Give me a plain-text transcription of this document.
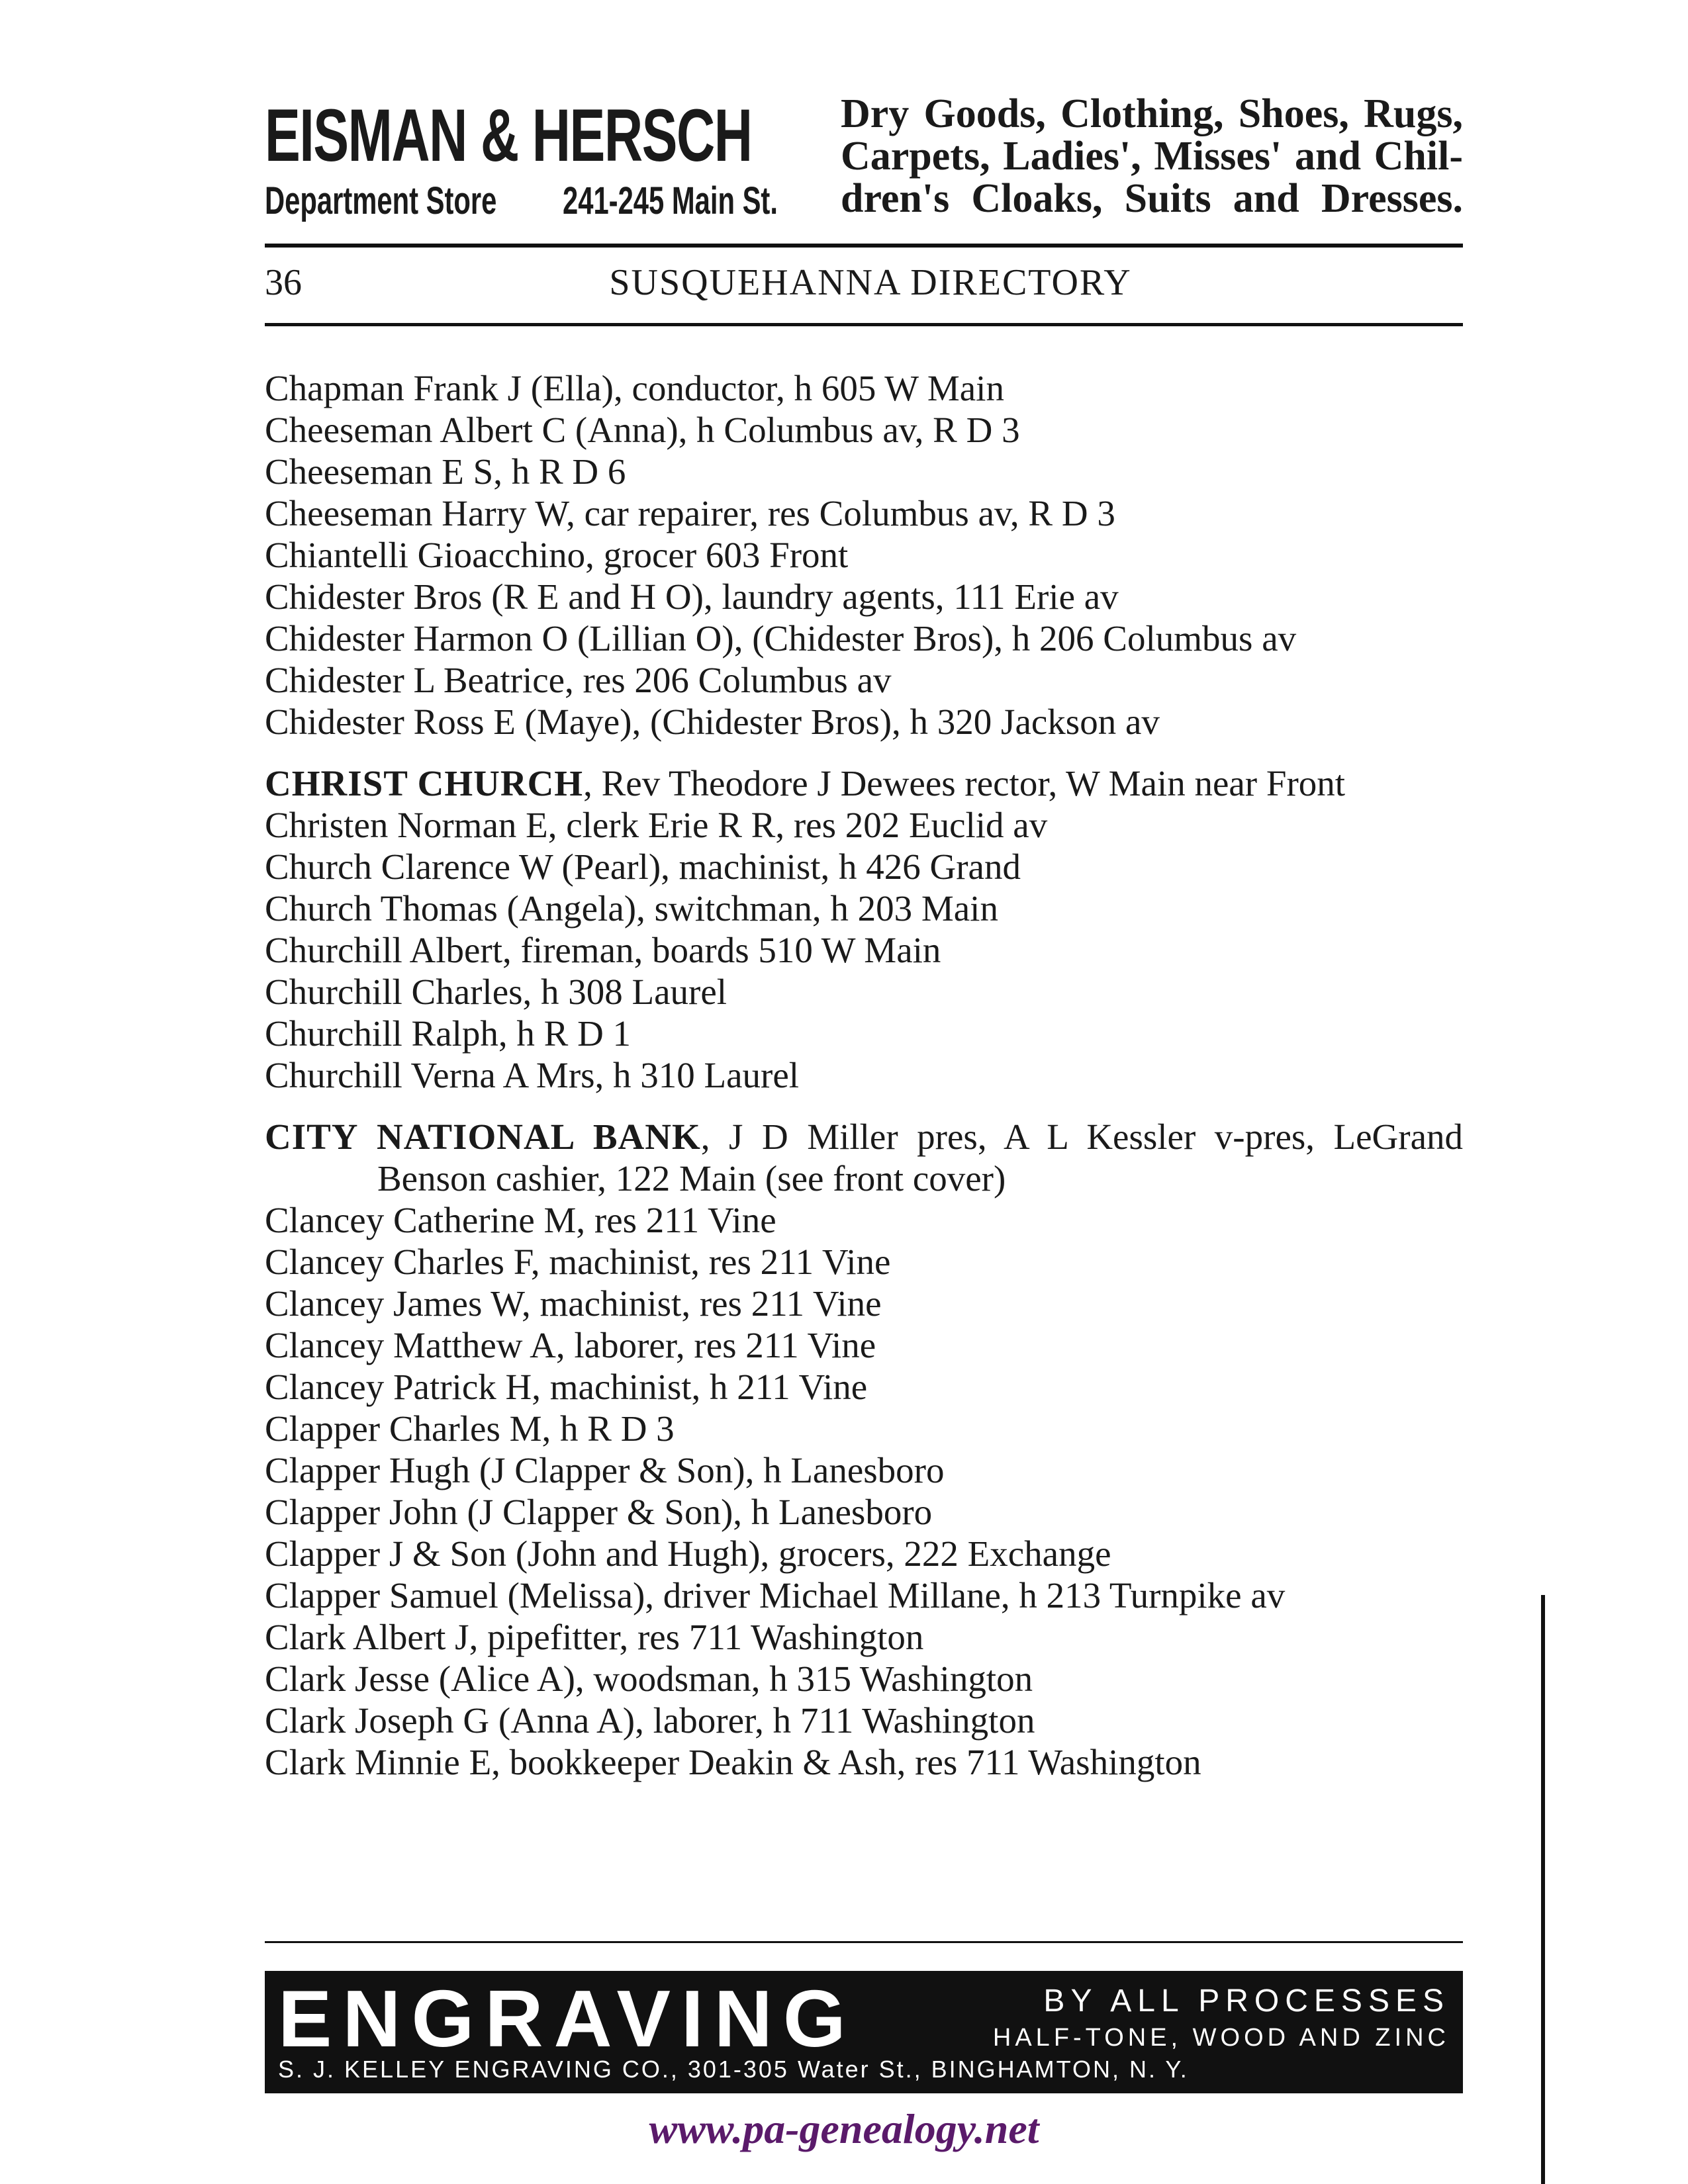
EISMAN & HERSCH
Department Store 241-245 Main St.
Dry Goods, Clothing, Shoes, Rugs,
Carpets, Ladies', Misses' and Chil-
dren's Cloaks, Suits and Dresses.
36	SUSQUEHANNA DIRECTORY
Chapman Frank J (Ella), conductor, h 605 W Main
Cheeseman Albert C (Anna), h Columbus av, R D 3
Cheeseman E S, h R D 6
Cheeseman Harry W, car repairer, res Columbus av, R D 3
Chiantelli Gioacchino, grocer 603 Front
Chidester Bros (R E and H O), laundry agents, 111 Erie av
Chidester Harmon O (Lillian O), (Chidester Bros), h 206 Columbus av
Chidester L Beatrice, res 206 Columbus av
Chidester Ross E (Maye), (Chidester Bros), h 320 Jackson av
CHRIST CHURCH, Rev Theodore J Dewees rector, W Main near Front
Christen Norman E, clerk Erie R R, res 202 Euclid av
Church Clarence W (Pearl), machinist, h 426 Grand
Church Thomas (Angela), switchman, h 203 Main
Churchill Albert, fireman, boards 510 W Main
Churchill Charles, h 308 Laurel
Churchill Ralph, h R D 1
Churchill Verna A Mrs, h 310 Laurel
CITY NATIONAL BANK, J D Miller pres, A L Kessler v-pres, LeGrand Benson cashier, 122 Main (see front cover)
Clancey Catherine M, res 211 Vine
Clancey Charles F, machinist, res 211 Vine
Clancey James W, machinist, res 211 Vine
Clancey Matthew A, laborer, res 211 Vine
Clancey Patrick H, machinist, h 211 Vine
Clapper Charles M, h R D 3
Clapper Hugh (J Clapper & Son), h Lanesboro
Clapper John (J Clapper & Son), h Lanesboro
Clapper J & Son (John and Hugh), grocers, 222 Exchange
Clapper Samuel (Melissa), driver Michael Millane, h 213 Turnpike av
Clark Albert J, pipefitter, res 711 Washington
Clark Jesse (Alice A), woodsman, h 315 Washington
Clark Joseph G (Anna A), laborer, h 711 Washington
Clark Minnie E, bookkeeper Deakin & Ash, res 711 Washington
ENGRAVING	BY ALL PROCESSES
HALF-TONE, WOOD AND ZINC
S. J. KELLEY ENGRAVING CO., 301-305 Water St., BINGHAMTON, N. Y.
www.pa-genealogy.net
